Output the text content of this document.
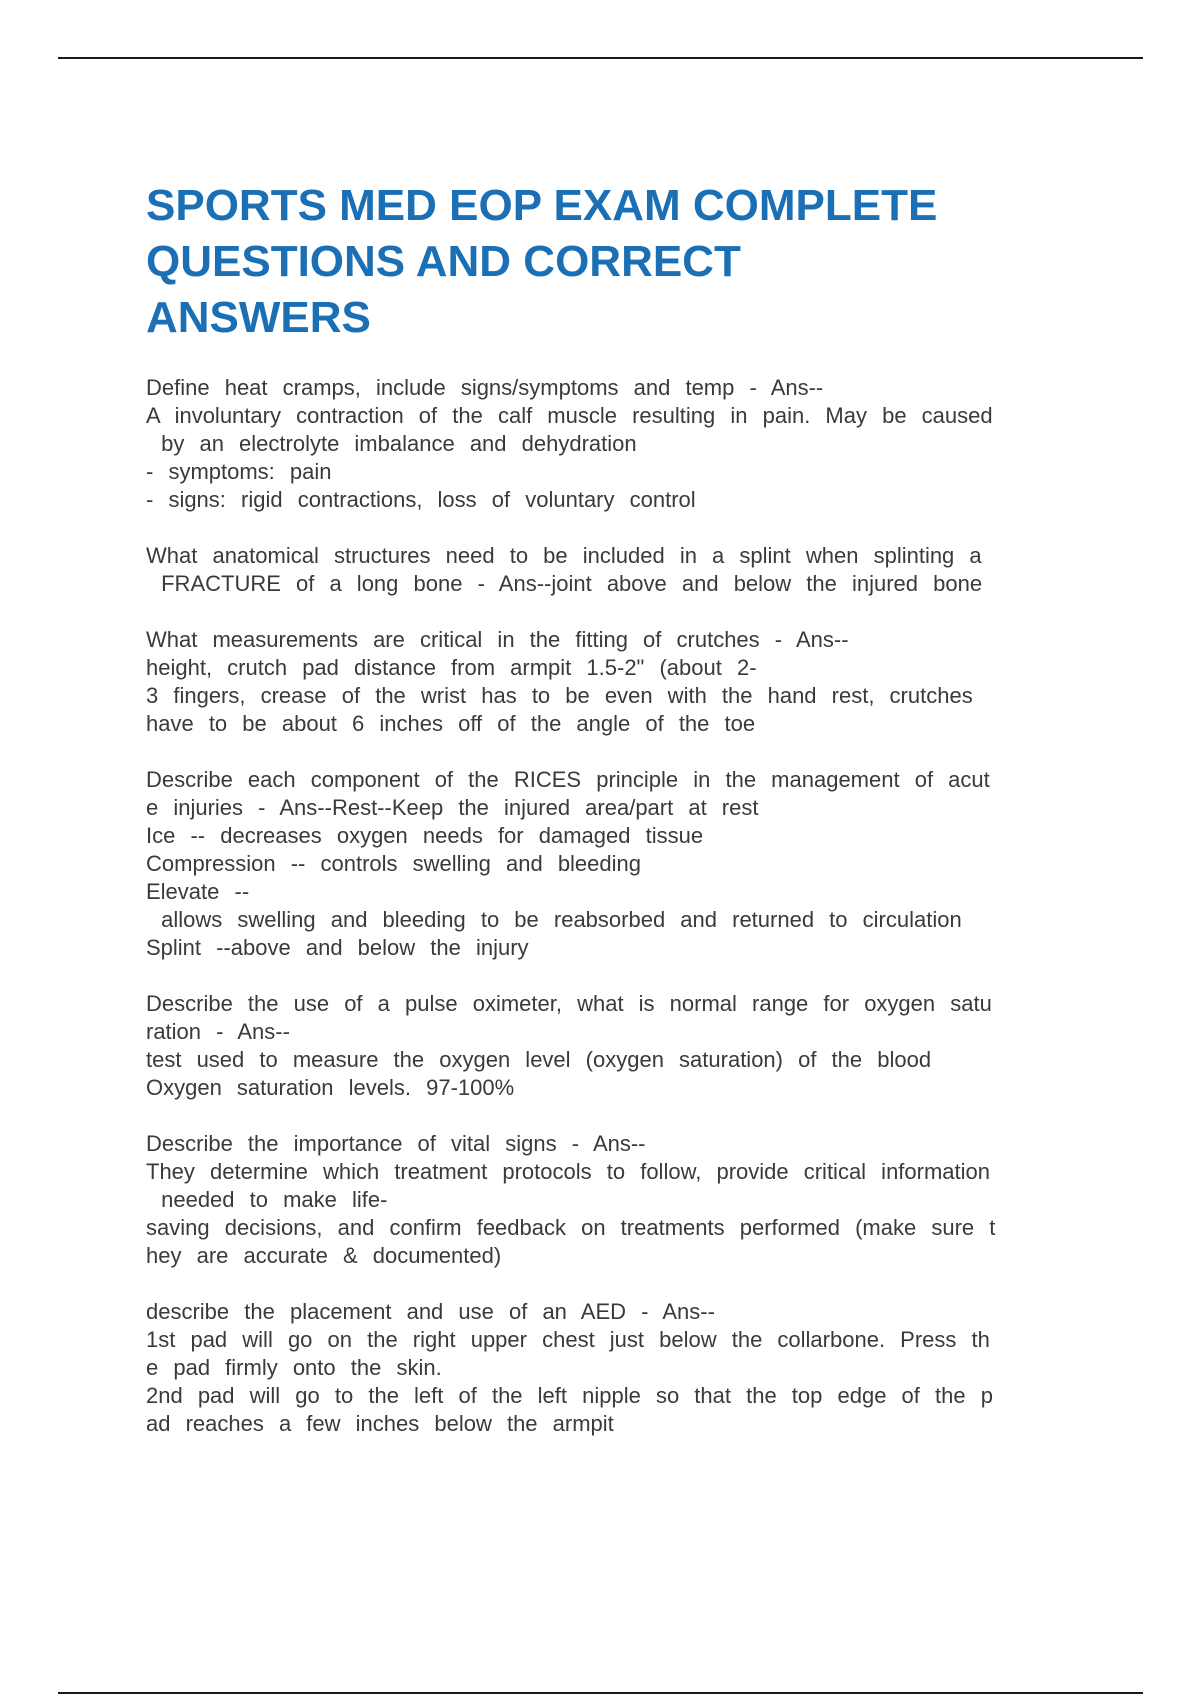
SPORTS MED EOP EXAM COMPLETE
QUESTIONS AND CORRECT
ANSWERS
Define heat cramps, include signs/symptoms and temp - Ans--
A involuntary contraction of the calf muscle resulting in pain. May be caused
by an electrolyte imbalance and dehydration
- symptoms: pain
- signs: rigid contractions, loss of voluntary control
What anatomical structures need to be included in a splint when splinting a
FRACTURE of a long bone - Ans--joint above and below the injured bone
What measurements are critical in the fitting of crutches - Ans--
height, crutch pad distance from armpit 1.5-2" (about 2-
3 fingers, crease of the wrist has to be even with the hand rest, crutches
have to be about 6 inches off of the angle of the toe
Describe each component of the RICES principle in the management of acut
e injuries - Ans--Rest--Keep the injured area/part at rest
Ice -- decreases oxygen needs for damaged tissue
Compression -- controls swelling and bleeding
Elevate --
allows swelling and bleeding to be reabsorbed and returned to circulation
Splint --above and below the injury
Describe the use of a pulse oximeter, what is normal range for oxygen satu
ration - Ans--
test used to measure the oxygen level (oxygen saturation) of the blood
Oxygen saturation levels. 97-100%
Describe the importance of vital signs - Ans--
They determine which treatment protocols to follow, provide critical information
needed to make life-
saving decisions, and confirm feedback on treatments performed (make sure t
hey are accurate & documented)
describe the placement and use of an AED - Ans--
1st pad will go on the right upper chest just below the collarbone. Press th
e pad firmly onto the skin.
2nd pad will go to the left of the left nipple so that the top edge of the p
ad reaches a few inches below the armpit
